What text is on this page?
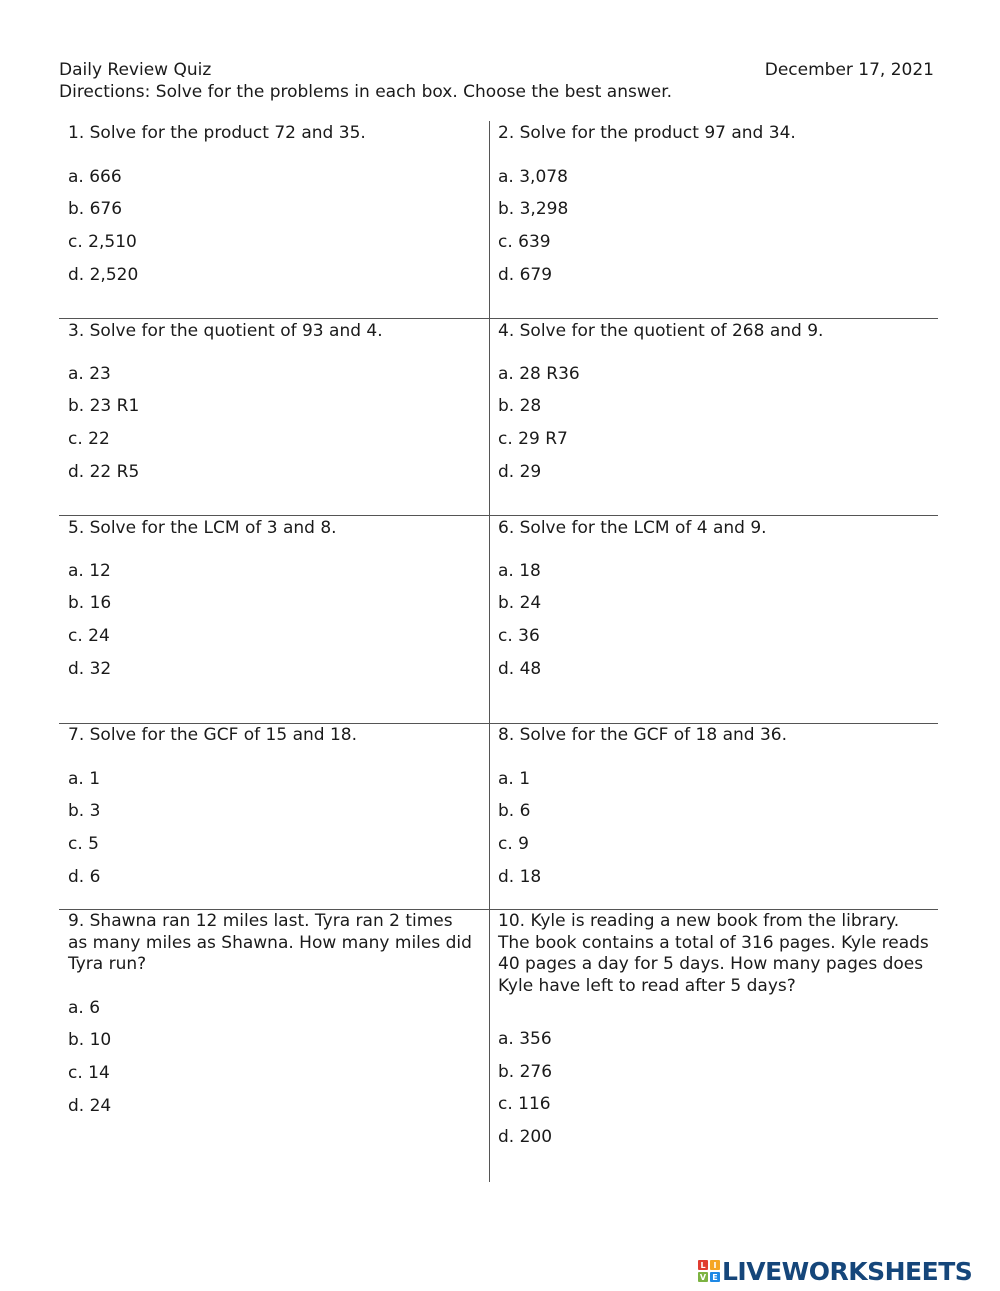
Daily Review Quiz	December 17, 2021
Directions: Solve for the problems in each box. Choose the best answer.

1. Solve for the product 72 and 35.

a. 666
b. 676
c. 2,510
d. 2,520

2. Solve for the product 97 and 34.

a. 3,078
b. 3,298
c. 639
d. 679

3. Solve for the quotient of 93 and 4.

a. 23
b. 23 R1
c. 22
d. 22 R5

4. Solve for the quotient of 268 and 9.

a. 28 R36
b. 28
c. 29 R7
d. 29

5. Solve for the LCM of 3 and 8.

a. 12
b. 16
c. 24
d. 32

6. Solve for the LCM of 4 and 9.

a. 18
b. 24
c. 36
d. 48

7. Solve for the GCF of 15 and 18.

a. 1
b. 3
c. 5
d. 6

8. Solve for the GCF of 18 and 36.

a. 1
b. 6
c. 9
d. 18

9. Shawna ran 12 miles last. Tyra ran 2 times as many miles as Shawna. How many miles did Tyra run?

a. 6
b. 10
c. 14
d. 24

10. Kyle is reading a new book from the library. The book contains a total of 316 pages. Kyle reads 40 pages a day for 5 days. How many pages does Kyle have left to read after 5 days?

a. 356
b. 276
c. 116
d. 200
L I
V E LIVEWORKSHEETS
